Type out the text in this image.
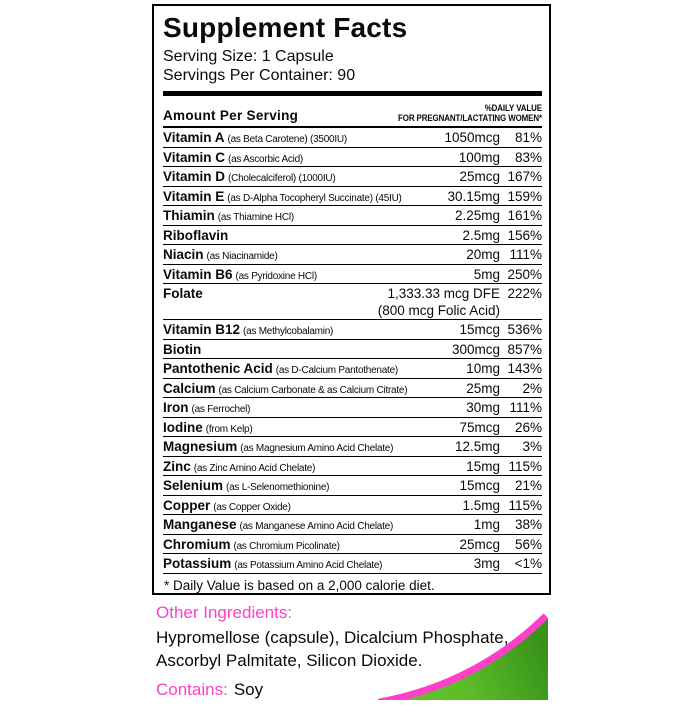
Supplement Facts
Serving Size: 1 Capsule
Servings Per Container: 90
Amount Per Serving	%DAILY VALUE
FOR PREGNANT/LACTATING WOMEN*
Vitamin A (as Beta Carotene) (3500IU)	1050mcg	81%
Vitamin C (as Ascorbic Acid)	100mg	83%
Vitamin D (Cholecalciferol) (1000IU)	25mcg 167%
Vitamin E (as D-Alpha Tocopheryl Succinate) (45IU)	30.15mg 159%
Thiamin (as Thiamine HCl)	2.25mg 161%
Riboflavin	2.5mg 156%
Niacin (as Niacinamide)	20mg 111%
Vitamin B6 (as Pyridoxine HCl)	5mg 250%
Folate	1,333.33 mcg DFE 222%
(800 mcg Folic Acid)
Vitamin B12 (as Methylcobalamin)	15mcg 536%
Biotin	300mcg 857%
Pantothenic Acid (as D-Calcium Pantothenate)	10mg 143%
Calcium (as Calcium Carbonate & as Calcium Citrate)	25mg	2%
Iron (as Ferrochel)	30mg 111%
Iodine (from Kelp)	75mcg	26%
Magnesium (as Magnesium Amino Acid Chelate)	12.5mg	3%
Zinc (as Zinc Amino Acid Chelate)	15mg 115%
Selenium (as L-Selenomethionine)	15mcg	21%
Copper (as Copper Oxide)	1.5mg 115%
Manganese (as Manganese Amino Acid Chelate)	1mg	38%
Chromium (as Chromium Picolinate)	25mcg	56%
Potassium (as Potassium Amino Acid Chelate)	3mg	<1%
* Daily Value is based on a 2,000 calorie diet.
Other Ingredients:
Hypromellose (capsule), Dicalcium Phosphate,
Ascorbyl Palmitate, Silicon Dioxide.
Contains: Soy
